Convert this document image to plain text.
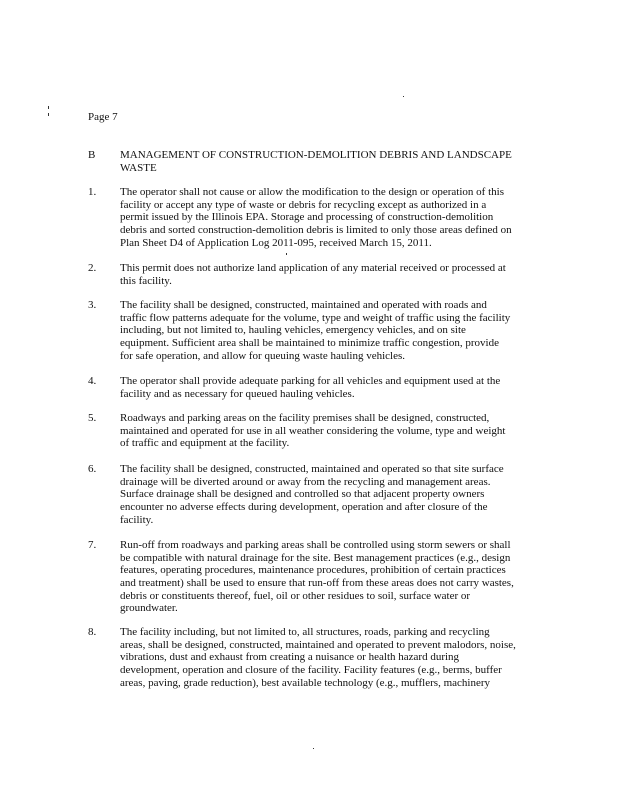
Page 7
B MANAGEMENT OF CONSTRUCTION-DEMOLITION DEBRIS AND LANDSCAPE
WASTE
1. The operator shall not cause or allow the modification to the design or operation of this
facility or accept any type of waste or debris for recycling except as authorized in a
permit issued by the Illinois EPA. Storage and processing of construction-demolition
debris and sorted construction-demolition debris is limited to only those areas defined on
Plan Sheet D4 of Application Log 2011-095, received March 15, 2011.
2. This permit does not authorize land application of any material received or processed at
this facility.
3. The facility shall be designed, constructed, maintained and operated with roads and
traffic flow patterns adequate for the volume, type and weight of traffic using the facility
including, but not limited to, hauling vehicles, emergency vehicles, and on site
equipment. Sufficient area shall be maintained to minimize traffic congestion, provide
for safe operation, and allow for queuing waste hauling vehicles.
4. The operator shall provide adequate parking for all vehicles and equipment used at the
facility and as necessary for queued hauling vehicles.
5. Roadways and parking areas on the facility premises shall be designed, constructed,
maintained and operated for use in all weather considering the volume, type and weight
of traffic and equipment at the facility.
6. The facility shall be designed, constructed, maintained and operated so that site surface
drainage will be diverted around or away from the recycling and management areas.
Surface drainage shall be designed and controlled so that adjacent property owners
encounter no adverse effects during development, operation and after closure of the
facility.
7. Run-off from roadways and parking areas shall be controlled using storm sewers or shall
be compatible with natural drainage for the site. Best management practices (e.g., design
features, operating procedures, maintenance procedures, prohibition of certain practices
and treatment) shall be used to ensure that run-off from these areas does not carry wastes,
debris or constituents thereof, fuel, oil or other residues to soil, surface water or
groundwater.
8. The facility including, but not limited to, all structures, roads, parking and recycling
areas, shall be designed, constructed, maintained and operated to prevent malodors, noise,
vibrations, dust and exhaust from creating a nuisance or health hazard during
development, operation and closure of the facility. Facility features (e.g., berms, buffer
areas, paving, grade reduction), best available technology (e.g., mufflers, machinery
